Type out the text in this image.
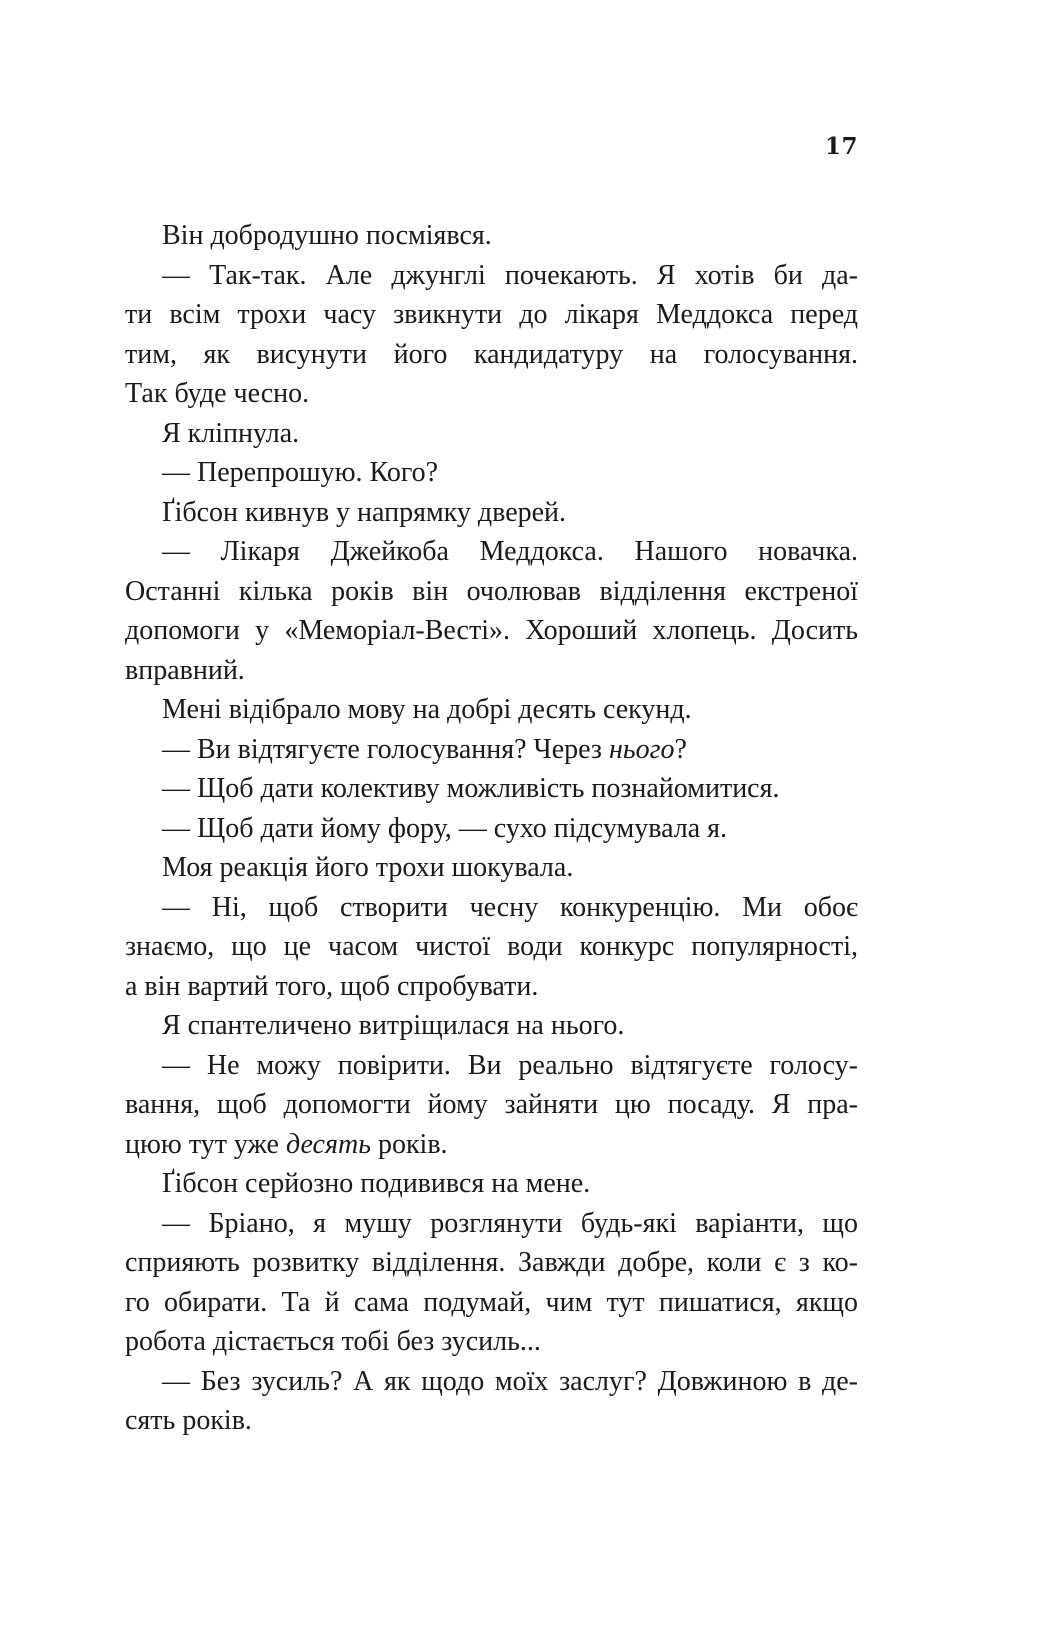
17
Він добродушно посміявся.
— Так-так. Але джунглі почекають. Я хотів би да-
ти всім трохи часу звикнути до лікаря Меддокса перед
тим, як висунути його кандидатуру на голосування.
Так буде чесно.
Я кліпнула.
— Перепрошую. Кого?
Ґібсон кивнув у напрямку дверей.
— Лікаря Джейкоба Меддокса. Нашого новачка.
Останні кілька років він очолював відділення екстреної
допомоги у «Меморіал-Весті». Хороший хлопець. Досить
вправний.
Мені відібрало мову на добрі десять секунд.
— Ви відтягуєте голосування? Через нього?
— Щоб дати колективу можливість познайомитися.
— Щоб дати йому фору, — сухо підсумувала я.
Моя реакція його трохи шокувала.
— Ні, щоб створити чесну конкуренцію. Ми обоє
знаємо, що це часом чистої води конкурс популярності,
а він вартий того, щоб спробувати.
Я спантеличено витріщилася на нього.
— Не можу повірити. Ви реально відтягуєте голосу-
вання, щоб допомогти йому зайняти цю посаду. Я пра-
цюю тут уже десять років.
Ґібсон серйозно подивився на мене.
— Бріано, я мушу розглянути будь-які варіанти, що
сприяють розвитку відділення. Завжди добре, коли є з ко-
го обирати. Та й сама подумай, чим тут пишатися, якщо
робота дістається тобі без зусиль...
— Без зусиль? А як щодо моїх заслуг? Довжиною в де-
сять років.
